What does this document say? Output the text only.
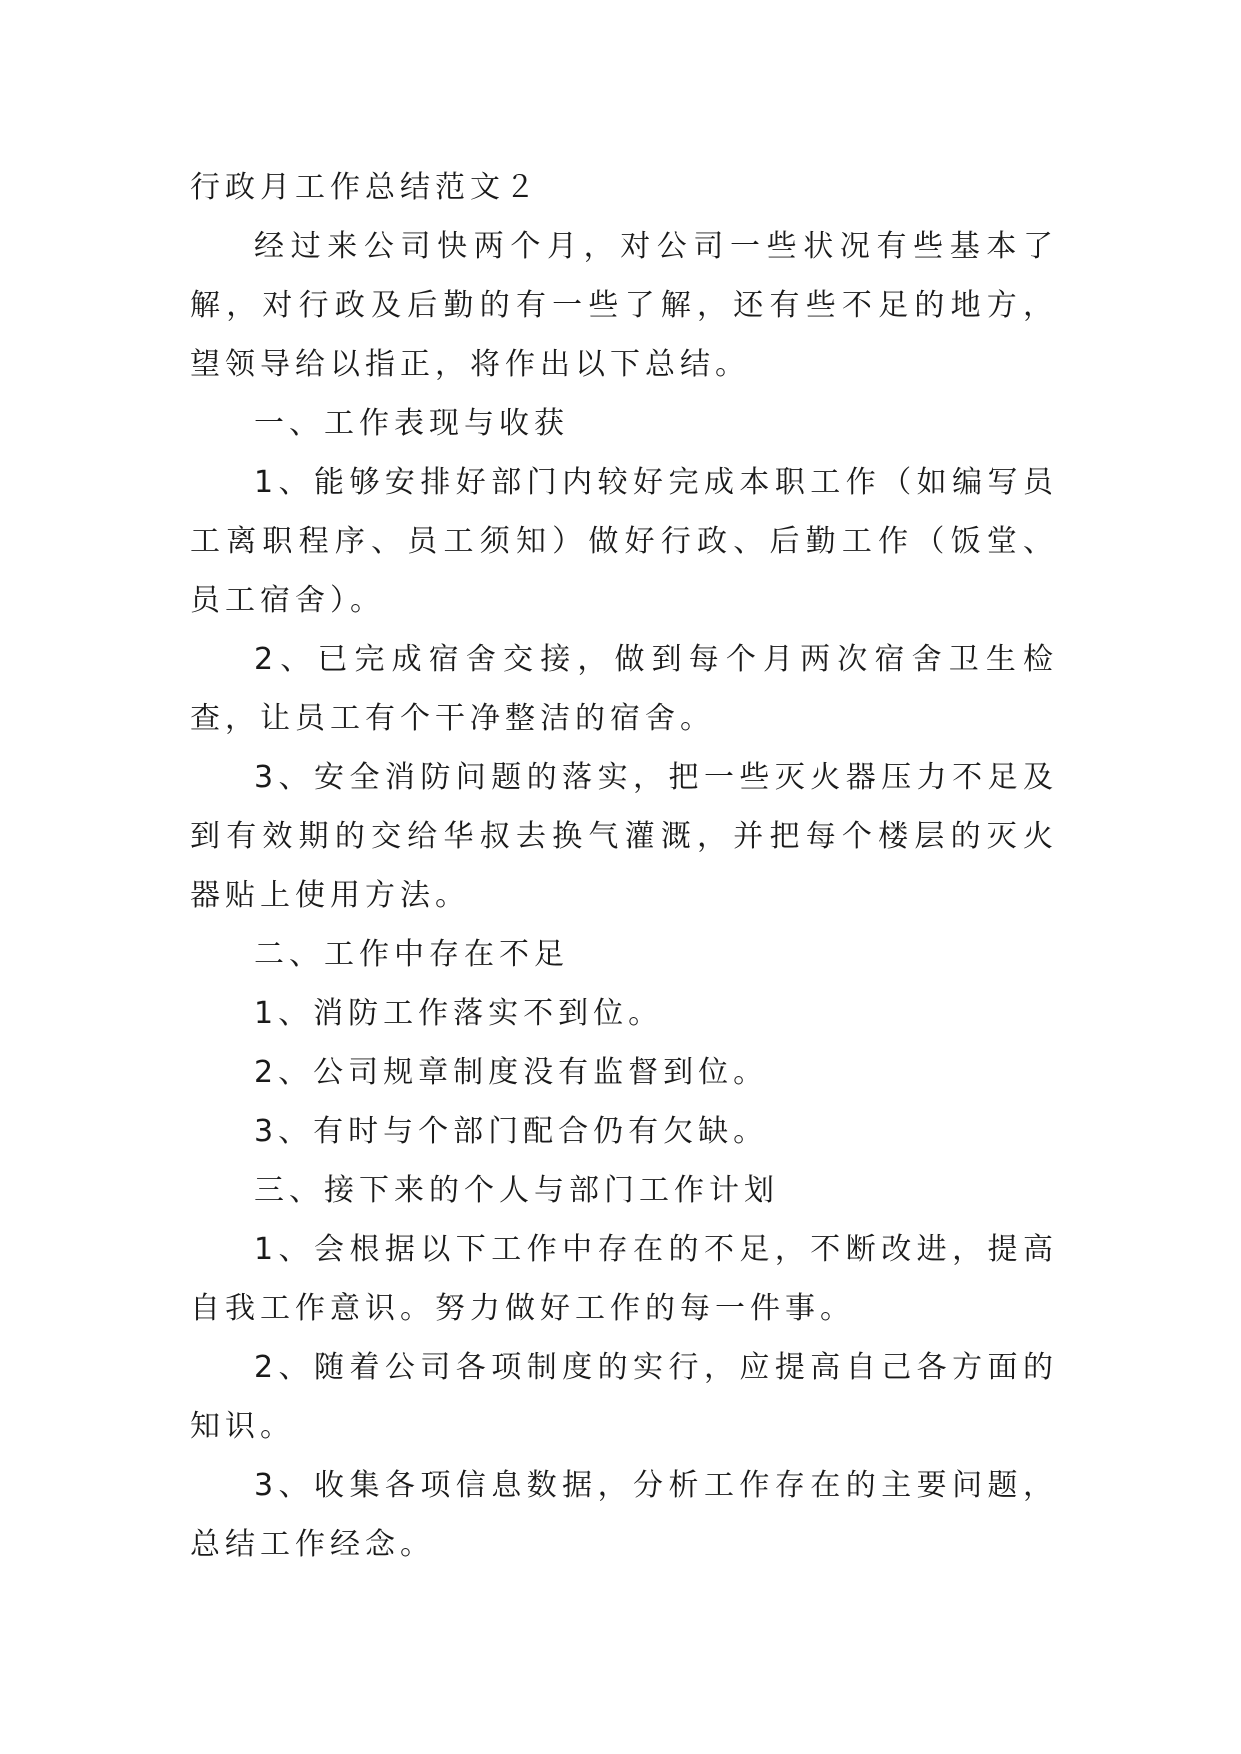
行政月工作总结范文２

经过来公司快两个月，对公司一些状况有些基本了解，对行政及后勤的有一些了解，还有些不足的地方，望领导给以指正，将作出以下总结。

一、工作表现与收获

1、能够安排好部门内较好完成本职工作（如编写员工离职程序、员工须知）做好行政、后勤工作（饭堂、员工宿舍）。

2、已完成宿舍交接，做到每个月两次宿舍卫生检查，让员工有个干净整洁的宿舍。

3、安全消防问题的落实，把一些灭火器压力不足及到有效期的交给华叔去换气灌溉，并把每个楼层的灭火器贴上使用方法。

二、工作中存在不足

1、消防工作落实不到位。

2、公司规章制度没有监督到位。

3、有时与个部门配合仍有欠缺。

三、接下来的个人与部门工作计划

1、会根据以下工作中存在的不足，不断改进，提高自我工作意识。努力做好工作的每一件事。

2、随着公司各项制度的实行，应提高自己各方面的知识。

3、收集各项信息数据，分析工作存在的主要问题，总结工作经念。
